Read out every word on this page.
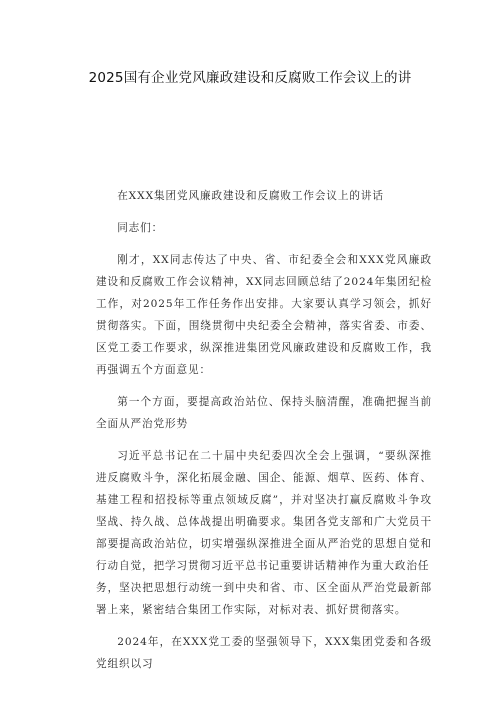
2025国有企业党风廉政建设和反腐败工作会议上的讲

在XXX集团党风廉政建设和反腐败工作会议上的讲话

同志们：

刚才，XX同志传达了中央、省、市纪委全会和XXX党风廉政建设和反腐败工作会议精神，XX同志回顾总结了2024年集团纪检工作，对2025年工作任务作出安排。大家要认真学习领会，抓好贯彻落实。下面，围绕贯彻中央纪委全会精神，落实省委、市委、区党工委工作要求，纵深推进集团党风廉政建设和反腐败工作，我再强调五个方面意见：

第一个方面，要提高政治站位、保持头脑清醒，准确把握当前全面从严治党形势

习近平总书记在二十届中央纪委四次全会上强调，“要纵深推进反腐败斗争，深化拓展金融、国企、能源、烟草、医药、体育、基建工程和招投标等重点领域反腐”，并对坚决打赢反腐败斗争攻坚战、持久战、总体战提出明确要求。集团各党支部和广大党员干部要提高政治站位，切实增强纵深推进全面从严治党的思想自觉和行动自觉，把学习贯彻习近平总书记重要讲话精神作为重大政治任

务，坚决把思想行动统一到中央和省、市、区全面从严治党最新部署上来，紧密结合集团工作实际，对标对表、抓好贯彻落实。

2024年，在XXX党工委的坚强领导下，XXX集团党委和各级党组织以习
